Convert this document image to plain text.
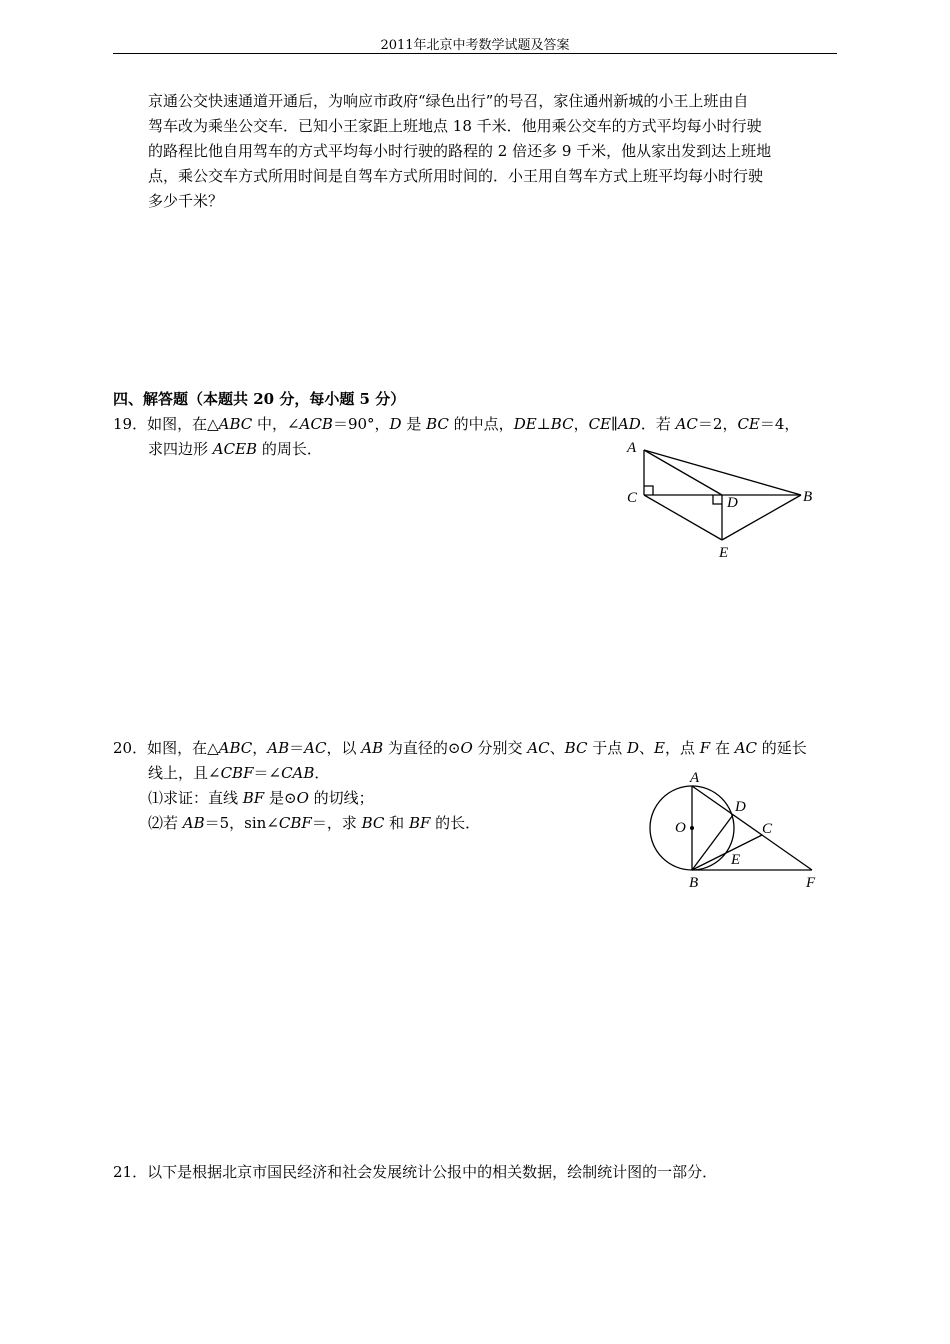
2011年北京中考数学试题及答案
京通公交快速通道开通后，为响应市政府“绿色出行”的号召，家住通州新城的小王上班由自
驾车改为乘坐公交车．已知小王家距上班地点 18 千米．他用乘公交车的方式平均每小时行驶
的路程比他自用驾车的方式平均每小时行驶的路程的 2 倍还多 9 千米，他从家出发到达上班地
点，乘公交车方式所用时间是自驾车方式所用时间的．小王用自驾车方式上班平均每小时行驶
多少千米？
四、解答题（本题共 20 分，每小题 5 分）
19．如图，在△ABC 中，∠ACB＝90°，D 是 BC 的中点，DE⊥BC，CE∥AD．若 AC＝2，CE＝4，
求四边形 ACEB 的周长．	A
C	D	B
E
20．如图，在△ABC，AB＝AC，以 AB 为直径的⊙O 分别交 AC、BC 于点 D、E，点 F 在 AC 的延长
线上，且∠CBF＝∠CAB．
⑴求证：直线 BF 是⊙O 的切线；
⑵若 AB＝5，sin∠CBF＝，求 BC 和 BF 的长．
A
D
O	C
E
B	F
21．以下是根据北京市国民经济和社会发展统计公报中的相关数据，绘制统计图的一部分．
